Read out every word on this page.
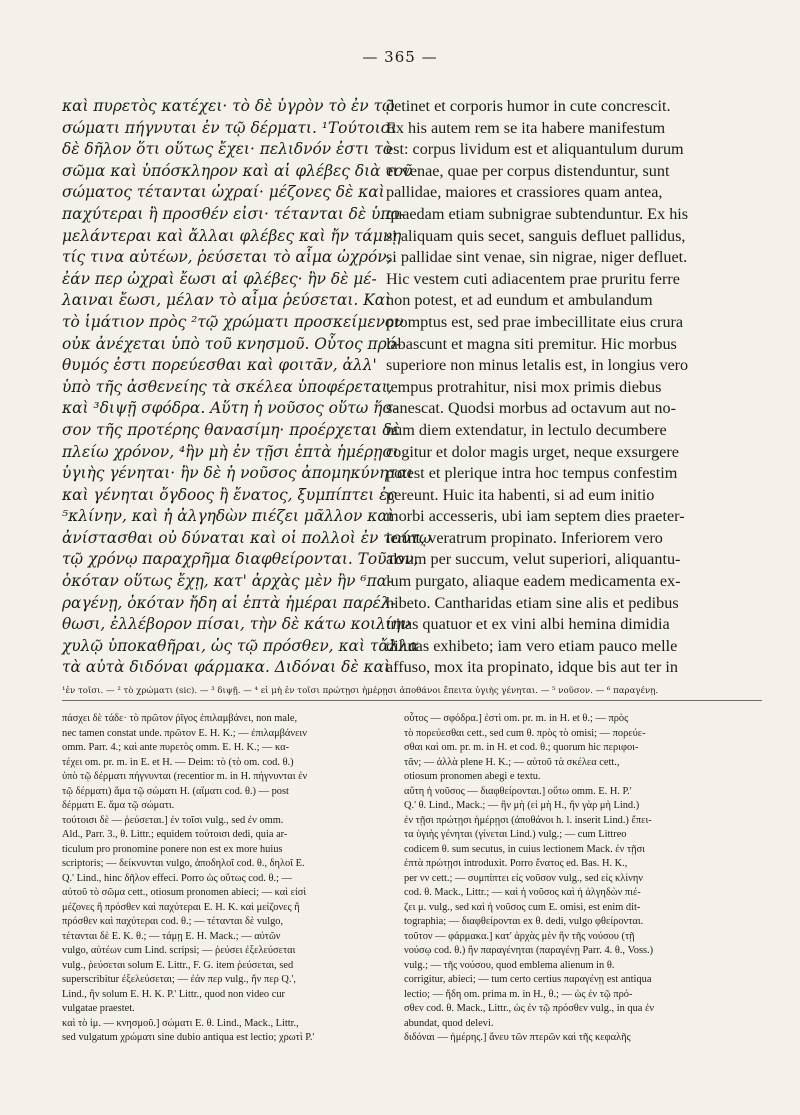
— 365 —
καὶ πυρετὸς κατέχει· τὸ δὲ ὑγρὸν τὸ ἐν τῷ
σώματι πήγνυται ἐν τῷ δέρματι. ¹Τούτοισι
δὲ δῆλον ὅτι οὕτως ἔχει· πελιδνόν ἐστι τὸ
σῶμα καὶ ὑπόσκληρον καὶ αἱ φλέβες διὰ τοῦ
σώματος τέτανται ὠχραί· μέζονες δὲ καὶ
παχύτεραι ἢ προσθέν εἰσι· τέτανται δὲ ὑπο-
μελάντεραι καὶ ἄλλαι φλέβες καὶ ἤν τάμνῃ
τίς τινα αὐτέων, ῥεύσεται τὸ αἷμα ὠχρόν,
ἐάν περ ὠχραὶ ἔωσι αἱ φλέβες· ἢν δὲ μέ-
λαιναι ἔωσι, μέλαν τὸ αἷμα ῥεύσεται. Καὶ
τὸ ἱμάτιον πρὸς ²τῷ χρώματι προσκείμενον
οὐκ ἀνέχεται ὑπὸ τοῦ κνησμοῦ. Οὗτος πρό-
θυμός ἐστι πορεύεσθαι καὶ φοιτᾶν, ἀλλ'
ὑπὸ τῆς ἀσθενείης τὰ σκέλεα ὑποφέρεται,
καὶ ³διψῇ σφόδρα. Αὕτη ἡ νοῦσος οὕτω ἥσ-
σον τῆς προτέρης θανασίμη· προέρχεται δὲ
πλείω χρόνον, ⁴ἢν μὴ ἐν τῇσι ἑπτὰ ἡμέρῃσι
ὑγιὴς γένηται· ἢν δὲ ἡ νοῦσος ἀπομηκύνηται
καὶ γένηται ὄγδοος ἢ ἔνατος, ξυμπίπτει ἐς
⁵κλίνην, καὶ ἡ ἀλγηδὼν πιέζει μᾶλλον καὶ
ἀνίστασθαι οὐ δύναται καὶ οἱ πολλοὶ ἐν τούτῳ
τῷ χρόνῳ παραχρῆμα διαφθείρονται. Τοῦτον,
ὁκόταν οὕτως ἔχῃ, κατ' ἀρχὰς μὲν ἢν ⁶πα-
ραγένῃ, ὁκόταν ἤδη αἱ ἑπτὰ ἡμέραι παρέλ-
θωσι, ἐλλέβορον πίσαι, τὴν δὲ κάτω κοιλίην
χυλῷ ὑποκαθῆραι, ὡς τῷ πρόσθεν, καὶ τἄλλα
τὰ αὐτὰ διδόναι φάρμακα. Διδόναι δὲ καὶ
detinet et corporis humor in cute concrescit.
Ex his autem rem se ita habere manifestum
est: corpus lividum est et aliquantulum durum
et venae, quae per corpus distenduntur, sunt
pallidae, maiores et crassiores quam antea,
quaedam etiam subnigrae subtenduntur. Ex his
si aliquam quis secet, sanguis defluet pallidus,
si pallidae sint venae, sin nigrae, niger defluet.
Hic vestem cuti adiacentem prae pruritu ferre
non potest, et ad eundum et ambulandum
promptus est, sed prae imbecillitate eius crura
labascunt et magna siti premitur. Hic morbus
superiore non minus letalis est, in longius vero
tempus protrahitur, nisi mox primis diebus
sanescat. Quodsi morbus ad octavum aut no-
num diem extendatur, in lectulo decumbere
cogitur et dolor magis urget, neque exsurgere
potest et plerique intra hoc tempus confestim
pereunt. Huic ita habenti, si ad eum initio
morbi accesseris, ubi iam septem dies praeter-
ierint, veratrum propinato. Inferiorem vero
alvum per succum, velut superiori, aliquantu-
lum purgato, aliaque eadem medicamenta ex-
hibeto. Cantharidas etiam sine alis et pedibus
tritas quatuor et ex vini albi hemina dimidia
dilutas exhibeto; iam vero etiam pauco melle
affuso, mox ita propinato, idque bis aut ter in
¹ἐν τοῖσι. — ² τὸ χρώματι (sic). — ³ διψῇ. — ⁴ εἰ μὴ ἐν τοῖσι πρώτῃσι ἡμέρῃσι ἀποθάνοι ἔπειτα ὑγιὴς γένηται. — ⁵ νοῦσον. — ⁶ παραγένῃ.
πάσχει δὲ τάδε· τὸ πρῶτον ῥῖγος ἐπιλαμβάνει, non male,
nec tamen constat unde. πρῶτον E. H. K.; — ἐπιλαμβάνειν
omm. Parr. 4.; καὶ ante πυρετὸς omm. E. H. K.; — κα-
τέχει om. pr. m. in E. et H. — Deim: τὸ (τὸ om. cod. θ.)
ὑπὸ τῷ δέρματι πήγνυνται (recentior m. in H. πήγνυνται ἐν
τῷ δέρματι) ἅμα τῷ σώματι H. (αἵματι cod. θ.) — post
δέρματι E. ἅμα τῷ σώματι.
τούτοισι δὲ — ῥεύσεται.] ἐν τοῖσι vulg., sed ἐν omm.
Ald., Parr. 3., θ. Littr.; equidem τούτοισι dedi, quia ar-
ticulum pro pronomine ponere non est ex more huius
scriptoris; — δείκνυνται vulgo, ἀποδηλοῖ cod. θ., δηλοῖ E.
Q.' Lind., hinc δῆλον effeci. Porro ὡς οὕτως cod. θ.; —
αὐτοῦ τὸ σῶμα cett., otiosum pronomen abieci; — καὶ εἰσὶ
μέζονες ἢ πρόσθεν καὶ παχύτεραι E. H. K. καὶ μείζονες ἢ
πρόσθεν καὶ παχύτεραι cod. θ.; — τέτανται δὲ vulgo,
τέτανται δὲ E. K. θ.; — τάμῃ E. H. Mack.; — αὐτῶν
vulgo, αὐτέων cum Lind. scripsi; — ῥεύσει ἐξελεύσεται
vulg., ῥεύσεται solum E. Littr., F. G. item ῥεύσεται, sed
superscribitur ἐξελεύσεται; — ἐάν περ vulg., ἤν περ Q.',
Lind., ἢν solum E. H. K. P.' Littr., quod non video cur
vulgatae praestet.
καὶ τὸ ἱμ. — κνησμοῦ.] σώματι E. θ. Lind., Mack., Littr.,
sed vulgatum χρώματι sine dubio antiqua est lectio; χρωτὶ P.'
οὗτος — σφόδρα.] ἐστὶ om. pr. m. in H. et θ.; — πρὸς
τὸ πορεύεσθαι cett., sed cum θ. πρὸς τὸ omisi; — πορεύε-
σθαι καὶ om. pr. m. in H. et cod. θ.; quorum hic περιφοι-
τᾶν; — ἀλλὰ plene H. K.; — αὐτοῦ τὰ σκέλεα cett.,
otiosum pronomen abegi e textu.
αὕτη ἡ νοῦσος — διαφθείρονται.] οὕτω omm. E. H. P.'
Q.' θ. Lind., Mack.; — ἢν μὴ (εἰ μὴ H., ἢν γὰρ μὴ Lind.)
ἐν τῇσι πρώτῃσι ἡμέρῃσι (ἀποθάνοι h. l. inserit Lind.) ἔπει-
τα ὑγιὴς γένηται (γίνεται Lind.) vulg.; — cum Littreo
codicem θ. sum secutus, in cuius lectionem Mack. ἐν τῇσι
ἑπτὰ πρώτῃσι introduxit. Porro ἔνατος ed. Bas. H. K.,
per νν cett.; — συμπίπτει εἰς νοῦσον vulg., sed εἰς κλίνην
cod. θ. Mack., Littr.; — καὶ ἡ νοῦσος καὶ ἡ ἀλγηδὼν πιέ-
ζει μ. vulg., sed καὶ ἡ νοῦσος cum E. omisi, est enim dit-
tographia; — διαφθείρονται ex θ. dedi, vulgo φθείρονται.
τοῦτον — φάρμακα.] κατ' ἀρχὰς μὲν ἢν τῆς νούσου (τῇ
νούσῳ cod. θ.) ἢν παραγένηται (παραγένῃ Parr. 4. θ., Voss.)
vulg.; — τῆς νούσου, quod emblema alienum in θ.
corrigitur, abieci; — tum certo certius παραγένῃ est antiqua
lectio; — ἤδη om. prima m. in H., θ.; — ὡς ἐν τῷ πρό-
σθεν cod. θ. Mack., Littr., ὡς ἐν τῷ πρόσθεν vulg., in qua ἐν
abundat, quod delevi.
διδόναι — ἡμέρης.] ἄνευ τῶν πτερῶν καὶ τῆς κεφαλῆς
